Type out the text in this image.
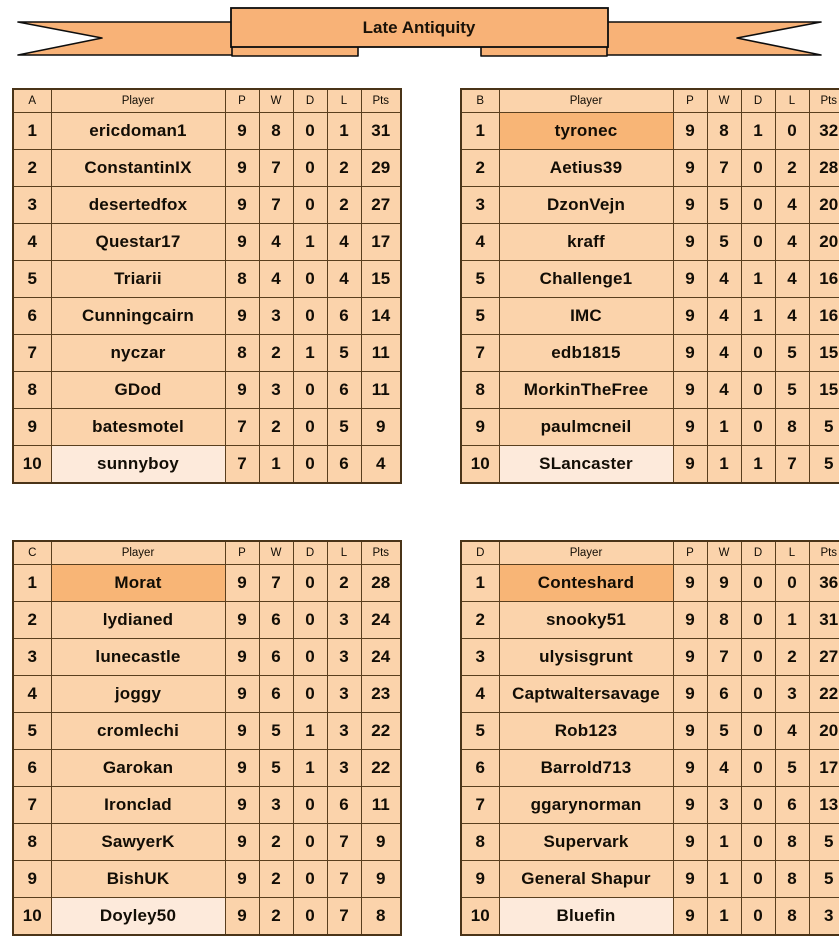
Late Antiquity
A	Player	P	W	D	L	Pts
1	ericdoman1	9	8	0	1	31
2	ConstantinIX	9	7	0	2	29
3	desertedfox	9	7	0	2	27
4	Questar17	9	4	1	4	17
5	Triarii	8	4	0	4	15
6	Cunningcairn	9	3	0	6	14
7	nyczar	8	2	1	5	11
8	GDod	9	3	0	6	11
9	batesmotel	7	2	0	5	9
10	sunnyboy	7	1	0	6	4
B	Player	P	W	D	L	Pts
1	tyronec	9	8	1	0	32
2	Aetius39	9	7	0	2	28
3	DzonVejn	9	5	0	4	20
4	kraff	9	5	0	4	20
5	Challenge1	9	4	1	4	16
5	IMC	9	4	1	4	16
7	edb1815	9	4	0	5	15
8	MorkinTheFree	9	4	0	5	15
9	paulmcneil	9	1	0	8	5
10	SLancaster	9	1	1	7	5
C	Player	P	W	D	L	Pts
1	Morat	9	7	0	2	28
2	lydianed	9	6	0	3	24
3	lunecastle	9	6	0	3	24
4	joggy	9	6	0	3	23
5	cromlechi	9	5	1	3	22
6	Garokan	9	5	1	3	22
7	Ironclad	9	3	0	6	11
8	SawyerK	9	2	0	7	9
9	BishUK	9	2	0	7	9
10	Doyley50	9	2	0	7	8
D	Player	P	W	D	L	Pts
1	Conteshard	9	9	0	0	36
2	snooky51	9	8	0	1	31
3	ulysisgrunt	9	7	0	2	27
4	Captwaltersavage	9	6	0	3	22
5	Rob123	9	5	0	4	20
6	Barrold713	9	4	0	5	17
7	ggarynorman	9	3	0	6	13
8	Supervark	9	1	0	8	5
9	General Shapur	9	1	0	8	5
10	Bluefin	9	1	0	8	3
